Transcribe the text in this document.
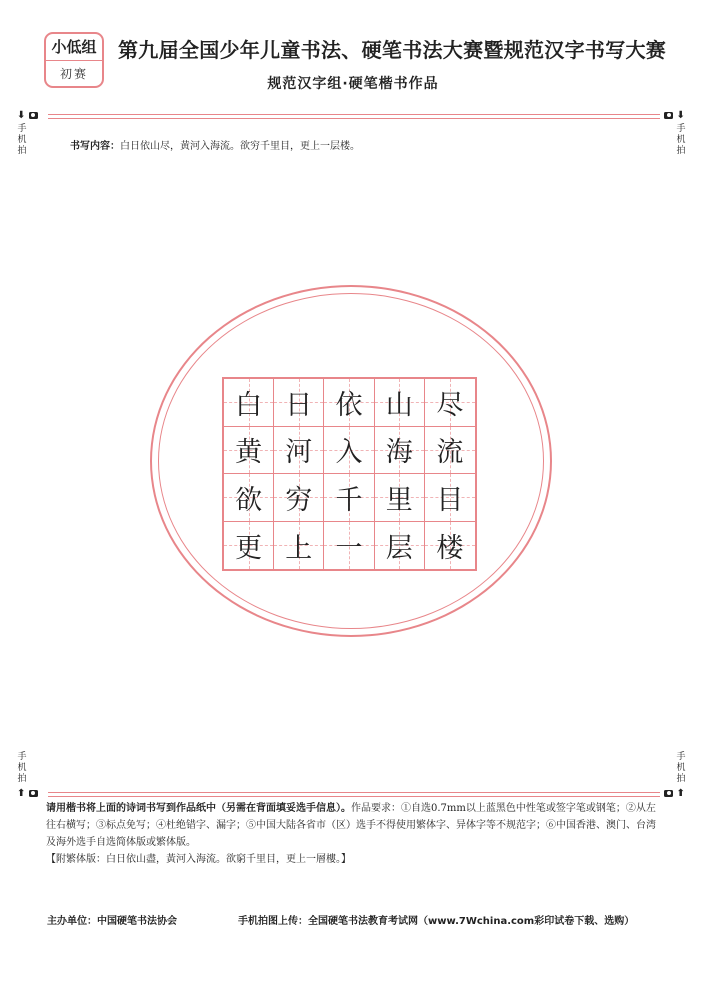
小低组
初赛
第九届全国少年儿童书法、硬笔书法大赛暨规范汉字书写大赛
规范汉字组·硬笔楷书作品
⬇
手机拍
⬇
手机拍
书写内容：白日依山尽，黄河入海流。欲穷千里目，更上一层楼。
白 日 依 山 尽
黄 河 入 海 流
欲 穷 千 里 目
更 上 一 层 楼
手机拍
⬆
手机拍
⬆
请用楷书将上面的诗词书写到作品纸中（另需在背面填妥选手信息）。作品要求：①自选0.7mm以上蓝黑色中性笔或签字笔或钢笔；②从左往右横写；③标点免写；④杜绝错字、漏字；⑤中国大陆各省市（区）选手不得使用繁体字、异体字等不规范字；⑥中国香港、澳门、台湾及海外选手自选简体版或繁体版。
【附繁体版：白日依山盡，黃河入海流。欲窮千里目，更上一層樓。】
主办单位：中国硬笔书法协会	手机拍图上传：全国硬笔书法教育考试网（www.7Wchina.com彩印试卷下载、选购）
